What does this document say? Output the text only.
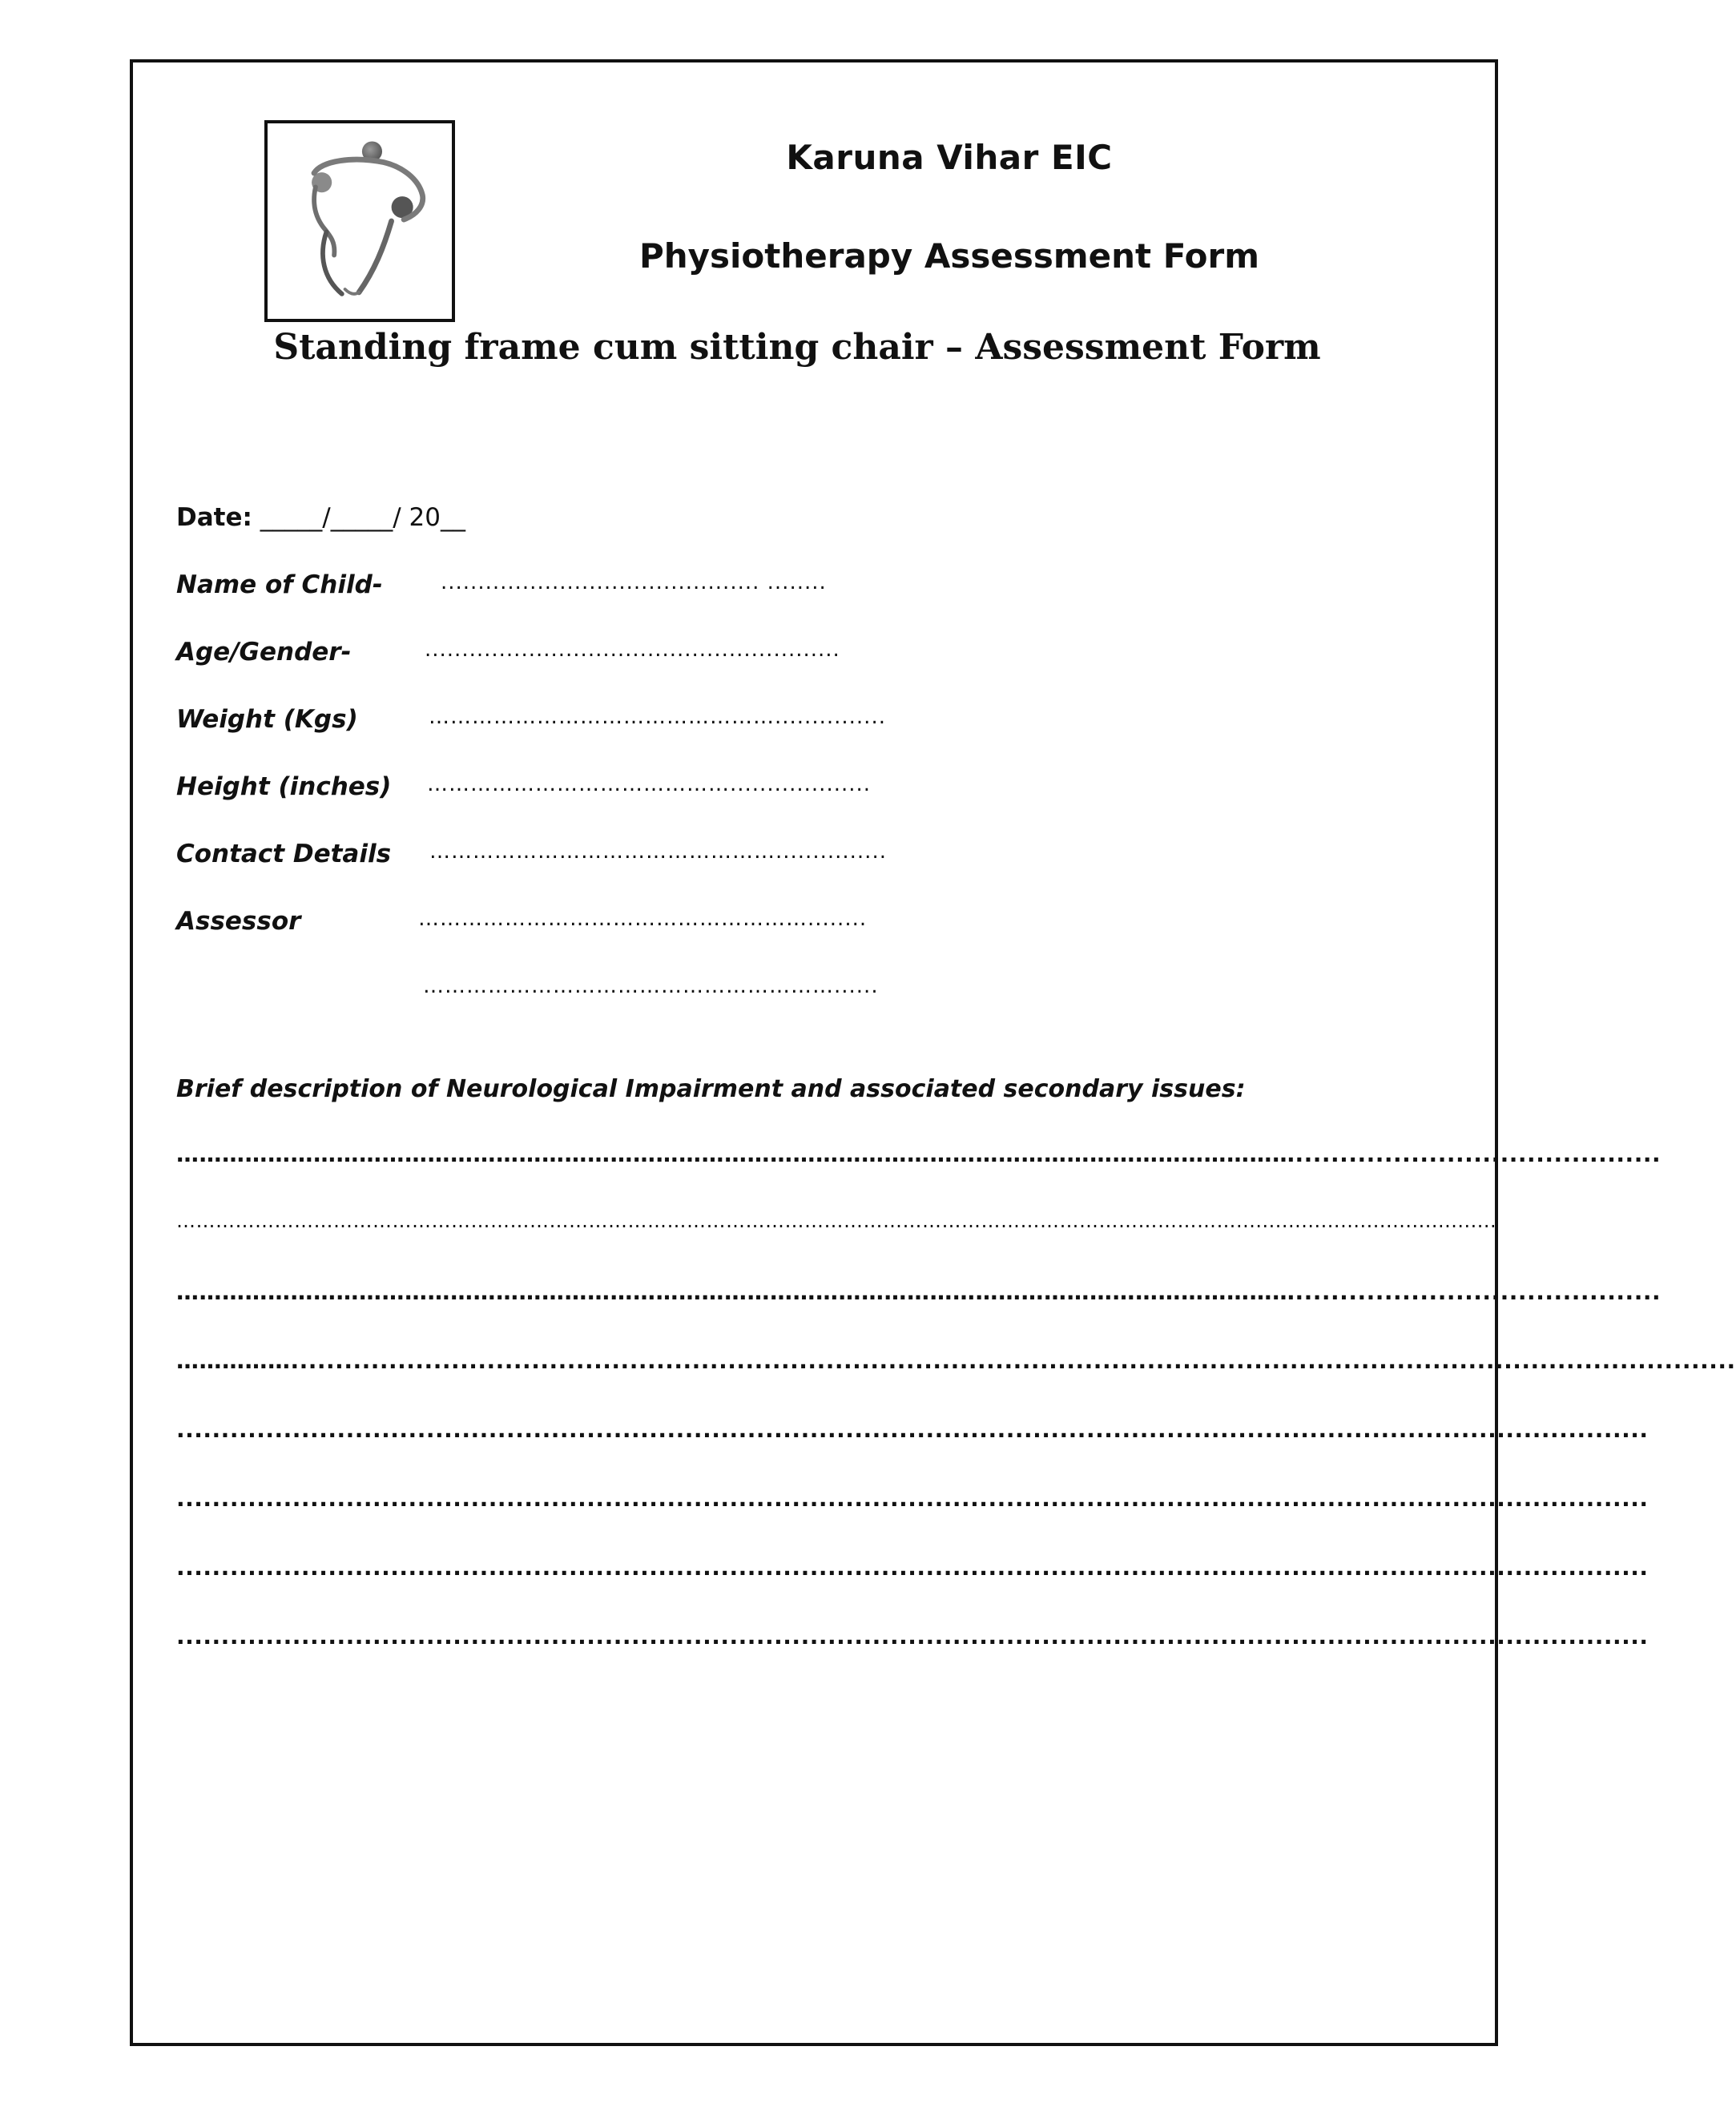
Karuna Vihar EIC
Physiotherapy Assessment Form
Standing frame cum sitting chair – Assessment Form
Date: _____/_____/ 20__
Name of Child-	........................................... ........
Age/Gender-	........................................................
Weight (Kgs)	…………………………………………...............
Height (inches) ……………………………………...................
Contact Details …………………………………………...............
Assessor	………………………………………………........
…………………………………………………......
Brief description of Neurological Impairment and associated secondary issues:
………………………………………………………………………………………………………………………………….........................................
………………………………………………………………………………………………………………………………………………........................................
………………………………………………………………………………………………………………………………….........................................
……………..................................................................................................................................................................
.....................................................................................................................................................................
.....................................................................................................................................................................
.....................................................................................................................................................................
.....................................................................................................................................................................
